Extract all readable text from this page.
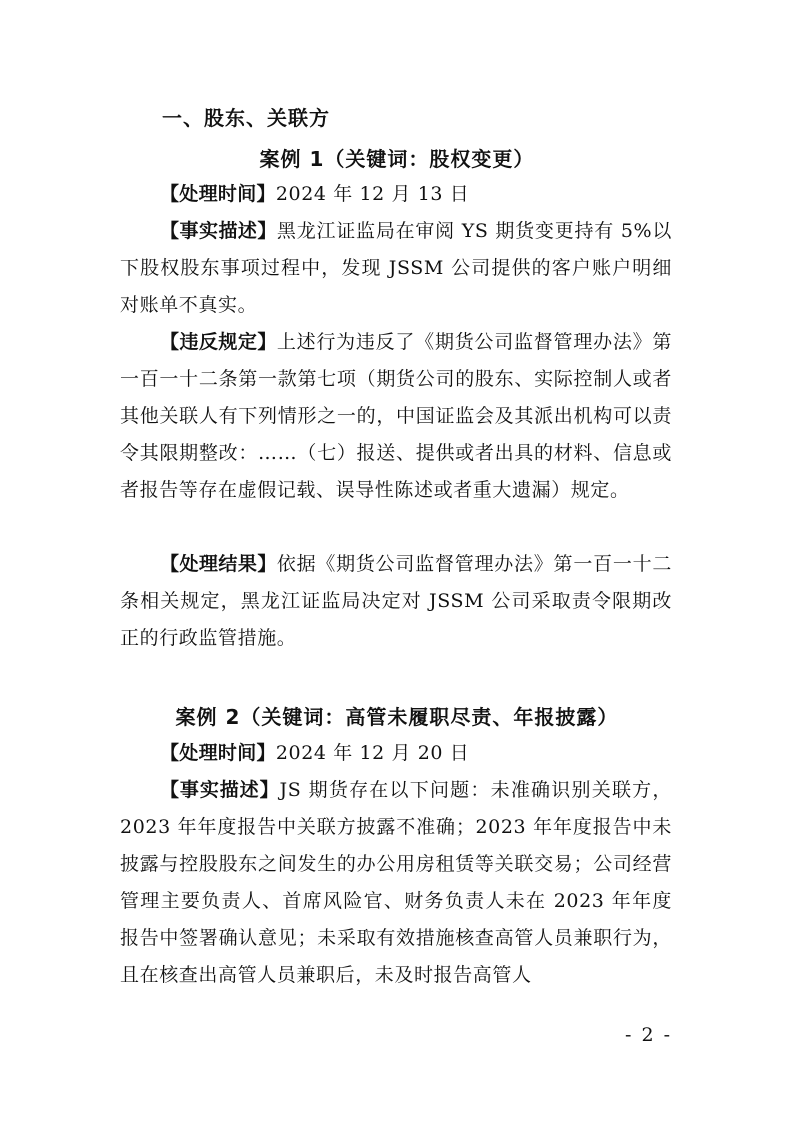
一、股东、关联方
案例 1（关键词：股权变更）
【处理时间】2024 年 12 月 13 日
【事实描述】黑龙江证监局在审阅 YS 期货变更持有 5%以下股权股东事项过程中，发现 JSSM 公司提供的客户账户明细对账单不真实。
【违反规定】上述行为违反了《期货公司监督管理办法》第一百一十二条第一款第七项（期货公司的股东、实际控制人或者其他关联人有下列情形之一的，中国证监会及其派出机构可以责令其限期整改：……（七）报送、提供或者出具的材料、信息或者报告等存在虚假记载、误导性陈述或者重大遗漏）规定。
【处理结果】依据《期货公司监督管理办法》第一百一十二条相关规定，黑龙江证监局决定对 JSSM 公司采取责令限期改正的行政监管措施。
案例 2（关键词：高管未履职尽责、年报披露）
【处理时间】2024 年 12 月 20 日
【事实描述】JS 期货存在以下问题：未准确识别关联方，2023 年年度报告中关联方披露不准确；2023 年年度报告中未披露与控股股东之间发生的办公用房租赁等关联交易；公司经营管理主要负责人、首席风险官、财务负责人未在 2023 年年度报告中签署确认意见；未采取有效措施核查高管人员兼职行为，且在核查出高管人员兼职后，未及时报告高管人
- 2 -
